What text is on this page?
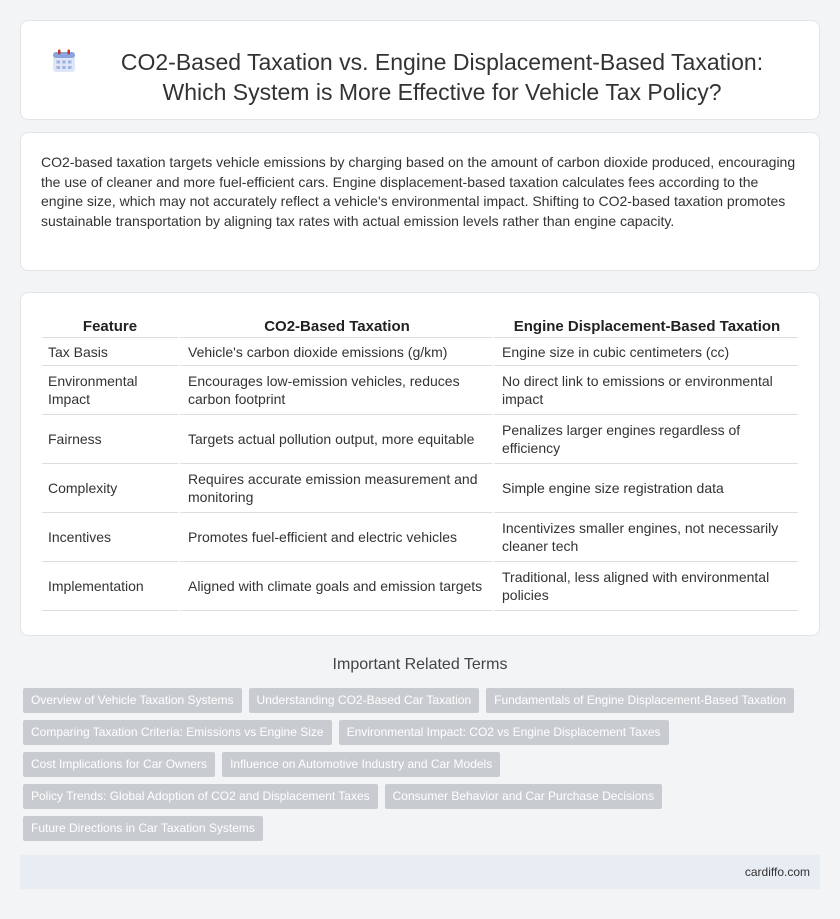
CO2-Based Taxation vs. Engine Displacement-Based Taxation: Which System is More Effective for Vehicle Tax Policy?

CO2-based taxation targets vehicle emissions by charging based on the amount of carbon dioxide produced, encouraging the use of cleaner and more fuel-efficient cars. Engine displacement-based taxation calculates fees according to the engine size, which may not accurately reflect a vehicle's environmental impact. Shifting to CO2-based taxation promotes sustainable transportation by aligning tax rates with actual emission levels rather than engine capacity.

Feature	CO2-Based Taxation	Engine Displacement-Based Taxation
Tax Basis	Vehicle's carbon dioxide emissions (g/km)	Engine size in cubic centimeters (cc)
Environmental Impact	Encourages low-emission vehicles, reduces carbon footprint	No direct link to emissions or environmental impact
Fairness	Targets actual pollution output, more equitable	Penalizes larger engines regardless of efficiency
Complexity	Requires accurate emission measurement and monitoring	Simple engine size registration data
Incentives	Promotes fuel-efficient and electric vehicles	Incentivizes smaller engines, not necessarily cleaner tech
Implementation	Aligned with climate goals and emission targets	Traditional, less aligned with environmental policies
Important Related Terms
Overview of Vehicle Taxation Systems	Understanding CO2-Based Car Taxation	Fundamentals of Engine Displacement-Based Taxation
Comparing Taxation Criteria: Emissions vs Engine Size	Environmental Impact: CO2 vs Engine Displacement Taxes
Cost Implications for Car Owners	Influence on Automotive Industry and Car Models
Policy Trends: Global Adoption of CO2 and Displacement Taxes	Consumer Behavior and Car Purchase Decisions
Future Directions in Car Taxation Systems
cardiffo.com
